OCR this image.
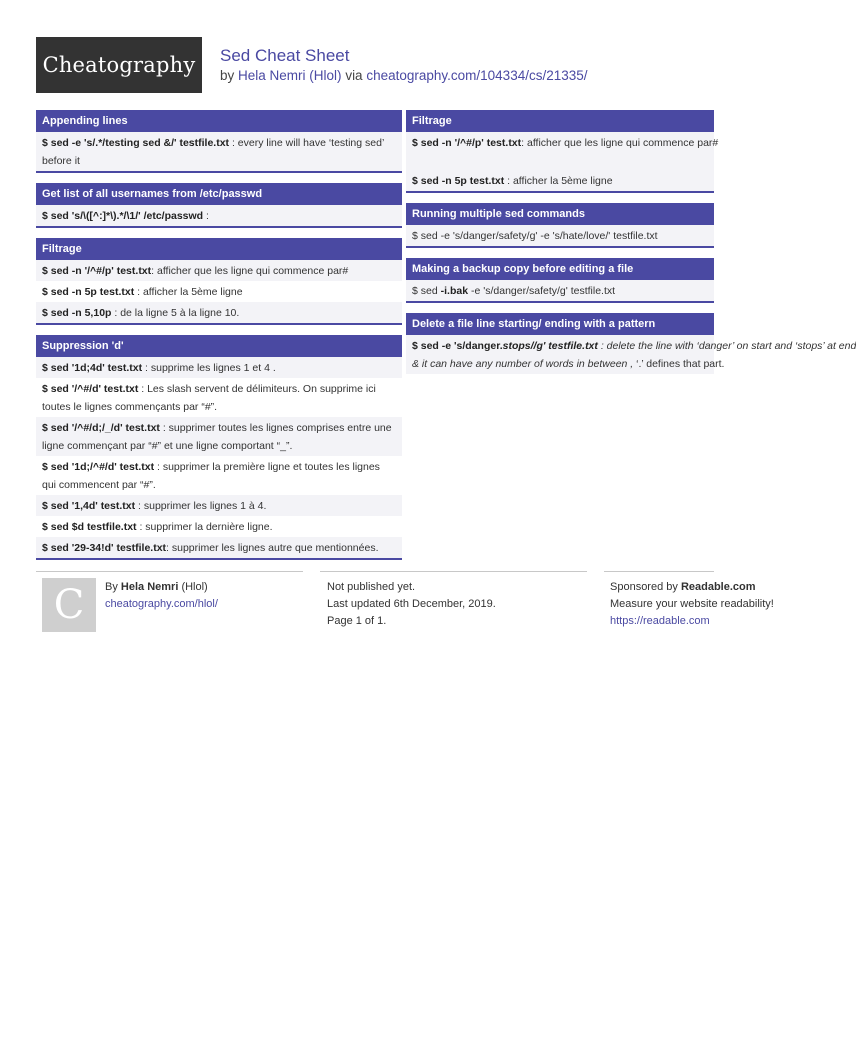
Cheatography	Sed Cheat Sheet
by Hela Nemri (Hlol) via cheatography.com/104334/cs/21335/
Appending lines
$ sed -e 's/.*/testing sed &/' testfile.txt : every line will have ‘testing sed’ before it
Get list of all usernames from /etc/passwd
$ sed 's/\([^:]*\).*/\1/' /etc/passwd :
Filtrage
$ sed -n '/^#/p' test.txt: afficher que les ligne qui commence par#
$ sed -n 5p test.txt : afficher la 5ème ligne
$ sed -n 5,10p : de la ligne 5 à la ligne 10.
Suppression 'd'
$ sed '1d;4d' test.txt : supprime les lignes 1 et 4 .
$ sed '/^#/d' test.txt : Les slash servent de délimiteurs. On supprime ici toutes le lignes commençants par “#”.
$ sed '/^#/d;/_/d' test.txt : supprimer toutes les lignes comprises entre une ligne commençant par “#” et une ligne comportant “_”.
$ sed '1d;/^#/d' test.txt : supprimer la première ligne et toutes les lignes qui commencent par “#”.
$ sed '1,4d' test.txt : supprimer les lignes 1 à 4.
$ sed $d testfile.txt : supprimer la dernière ligne.
$ sed '29-34!d' testfile.txt: supprimer les lignes autre que mentionnées.
Filtrage
$ sed -n '/^#/p' test.txt: afficher que les ligne qui commence par#
$ sed -n 5p test.txt : afficher la 5ème ligne
Running multiple sed commands
$ sed -e 's/danger/safety/g' -e 's/hate/love/' testfile.txt
Making a backup copy before editing a file
$ sed -i.bak -e 's/danger/safety/g' testfile.txt
Delete a file line starting/ ending with a pattern
$ sed -e 's/danger.stops//g' testfile.txt : delete the line with ‘danger’ on start and ‘stops’ at end
& it can have any number of words in between , ‘.’ defines that part.
C	By Hela Nemri (Hlol)
cheatography.com/hlol/
Not published yet.
Last updated 6th December, 2019.
Page 1 of 1.
Sponsored by Readable.com
Measure your website readability!
https://readable.com
